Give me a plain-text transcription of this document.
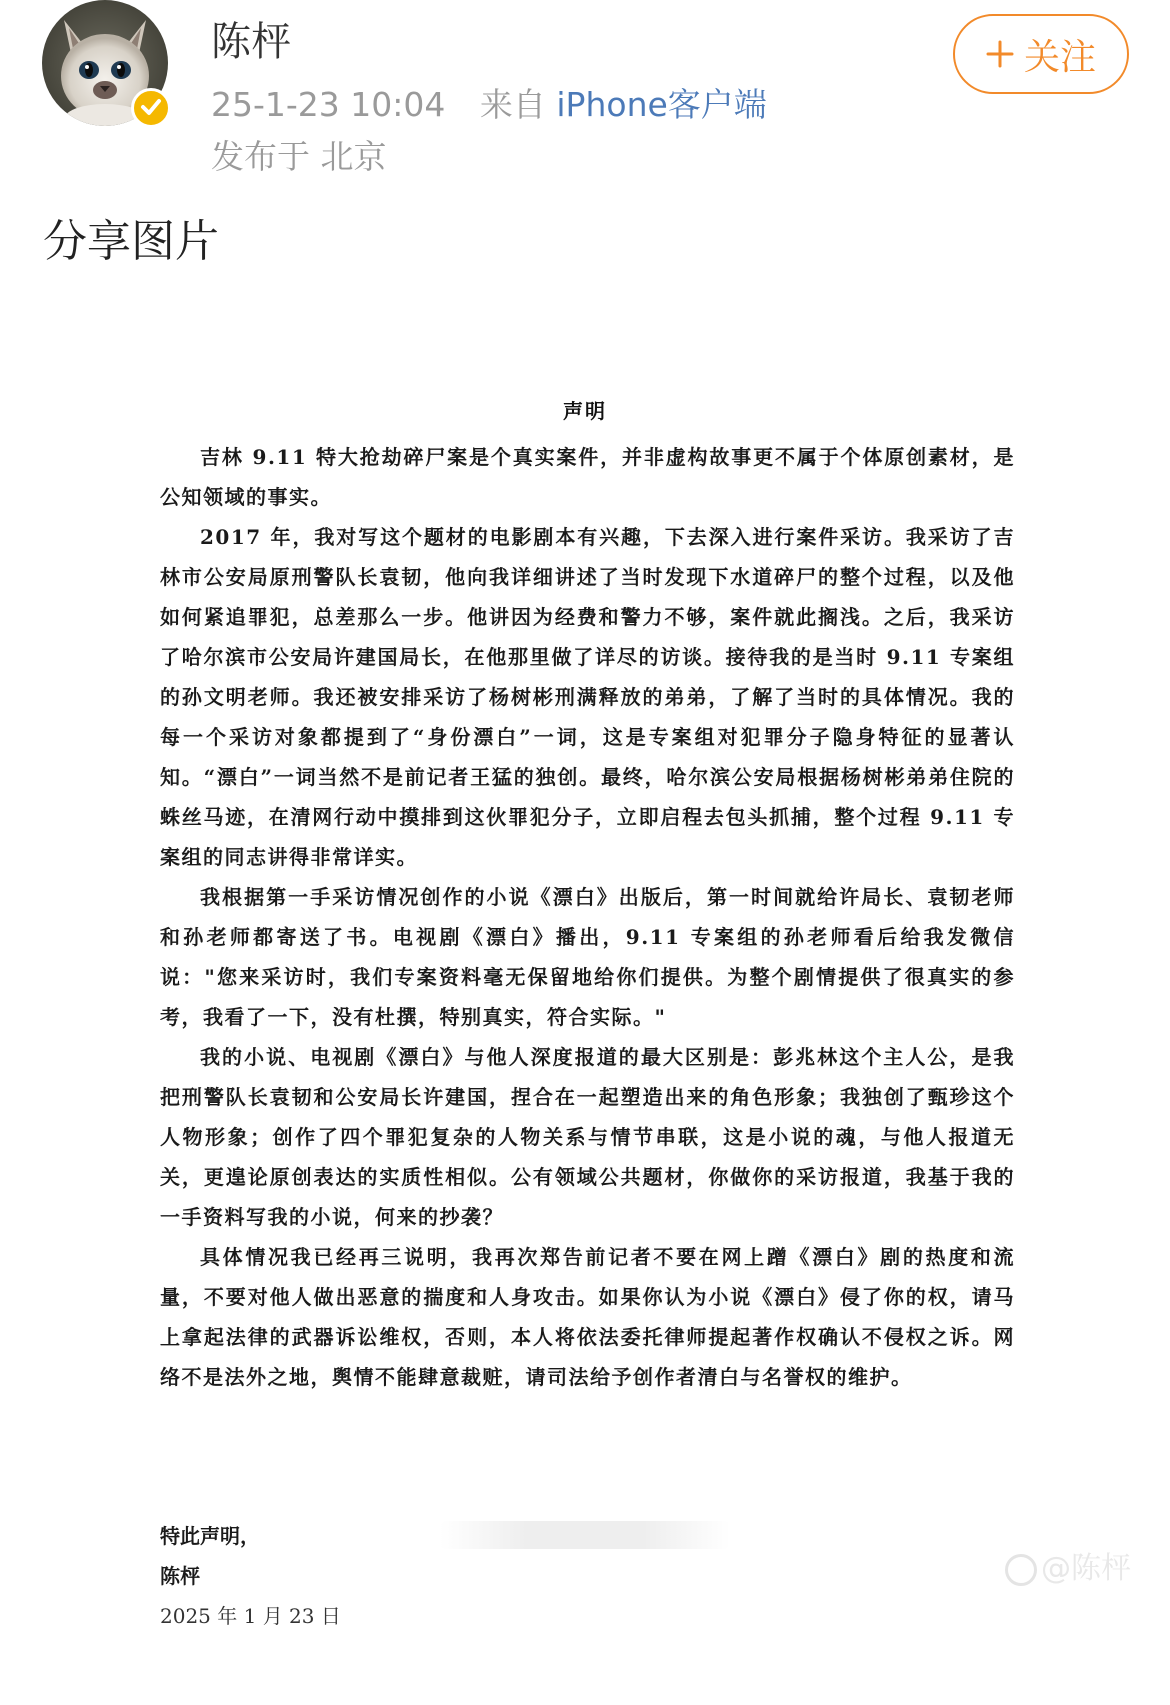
陈枰
25-1-23 10:04 来自 iPhone客户端
发布于 北京
关注
分享图片
声明

吉林 9.11 特大抢劫碎尸案是个真实案件，并非虚构故事更不属于个体原创素材，是公知领域的事实。

2017 年，我对写这个题材的电影剧本有兴趣，下去深入进行案件采访。我采访了吉林市公安局原刑警队长袁韧，他向我详细讲述了当时发现下水道碎尸的整个过程，以及他如何紧追罪犯，总差那么一步。他讲因为经费和警力不够，案件就此搁浅。之后，我采访了哈尔滨市公安局许建国局长，在他那里做了详尽的访谈。接待我的是当时 9.11 专案组的孙文明老师。我还被安排采访了杨树彬刑满释放的弟弟，了解了当时的具体情况。我的每一个采访对象都提到了“身份漂白”一词，这是专案组对犯罪分子隐身特征的显著认知。“漂白”一词当然不是前记者王猛的独创。最终，哈尔滨公安局根据杨树彬弟弟住院的蛛丝马迹，在清网行动中摸排到这伙罪犯分子，立即启程去包头抓捕，整个过程 9.11 专案组的同志讲得非常详实。

我根据第一手采访情况创作的小说《漂白》出版后，第一时间就给许局长、袁韧老师和孙老师都寄送了书。电视剧《漂白》播出，9.11 专案组的孙老师看后给我发微信说："您来采访时，我们专案资料毫无保留地给你们提供。为整个剧情提供了很真实的参考，我看了一下，没有杜撰，特别真实，符合实际。"

我的小说、电视剧《漂白》与他人深度报道的最大区别是：彭兆林这个主人公，是我把刑警队长袁韧和公安局长许建国，捏合在一起塑造出来的角色形象；我独创了甄珍这个人物形象；创作了四个罪犯复杂的人物关系与情节串联，这是小说的魂，与他人报道无关，更遑论原创表达的实质性相似。公有领域公共题材，你做你的采访报道，我基于我的一手资料写我的小说，何来的抄袭？

具体情况我已经再三说明，我再次郑告前记者不要在网上蹭《漂白》剧的热度和流量，不要对他人做出恶意的揣度和人身攻击。如果你认为小说《漂白》侵了你的权，请马上拿起法律的武器诉讼维权，否则，本人将依法委托律师提起著作权确认不侵权之诉。网络不是法外之地，舆情不能肆意裁赃，请司法给予创作者清白与名誉权的维护。

特此声明，
陈枰
2025 年 1 月 23 日
@陈枰
